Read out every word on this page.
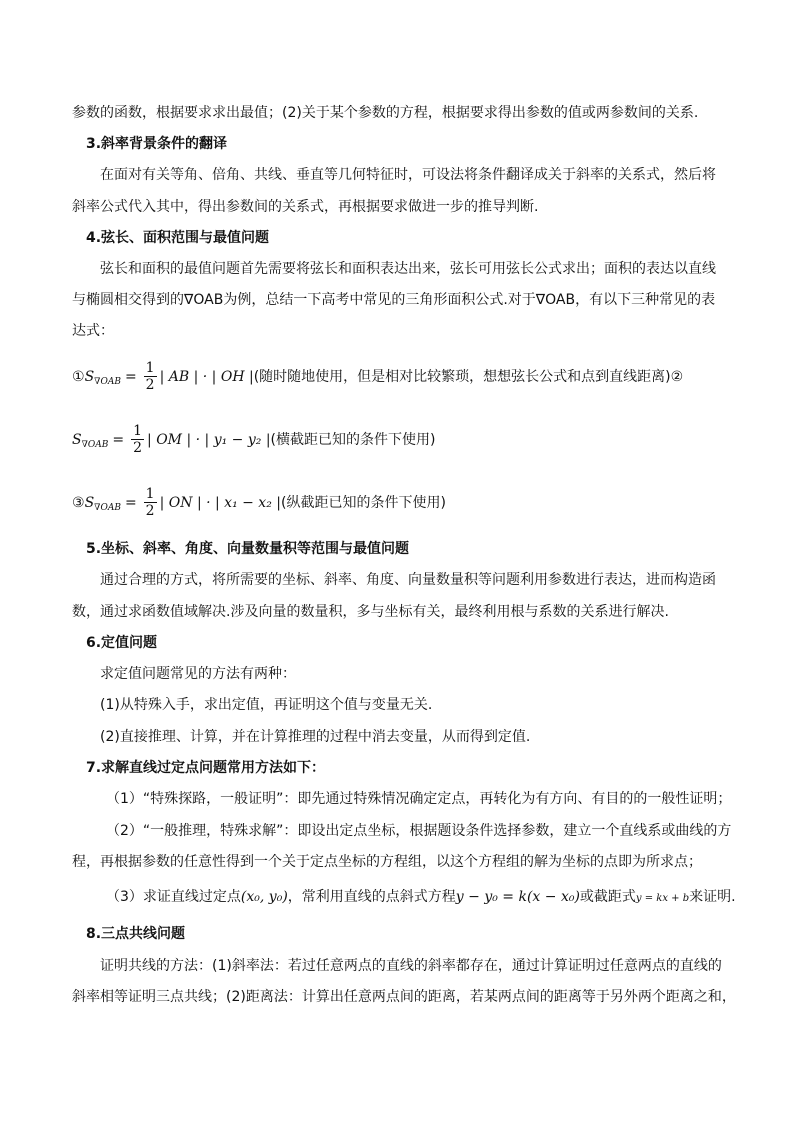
参数的函数，根据要求求出最值；(2)关于某个参数的方程，根据要求得出参数的值或两参数间的关系.
3.斜率背景条件的翻译
在面对有关等角、倍角、共线、垂直等几何特征时，可设法将条件翻译成关于斜率的关系式，然后将
斜率公式代入其中，得出参数间的关系式，再根据要求做进一步的推导判断.
4.弦长、面积范围与最值问题
弦长和面积的最值问题首先需要将弦长和面积表达出来，弦长可用弦长公式求出；面积的表达以直线
与椭圆相交得到的∇OAB为例，总结一下高考中常见的三角形面积公式.对于∇OAB，有以下三种常见的表
达式：
① S $\nabla OAB = \frac{1}{2}$ | AB | · | OH | (随时随地使用，但是相对比较繁琐，想想弦长公式和点到直线距离)②
S $\nabla OAB = \frac{1}{2}$ | OM | · | y₁ − y₂ | (横截距已知的条件下使用)
③ S $\nabla OAB = \frac{1}{2}$ | ON | · | x₁ − x₂ | (纵截距已知的条件下使用)
5.坐标、斜率、角度、向量数量积等范围与最值问题
通过合理的方式，将所需要的坐标、斜率、角度、向量数量积等问题利用参数进行表达，进而构造函
数，通过求函数值域解决.涉及向量的数量积，多与坐标有关，最终利用根与系数的关系进行解决.
6.定值问题
求定值问题常见的方法有两种：
(1)从特殊入手，求出定值，再证明这个值与变量无关.
(2)直接推理、计算，并在计算推理的过程中消去变量，从而得到定值.
7.求解直线过定点问题常用方法如下：
（1）“特殊探路，一般证明”：即先通过特殊情况确定定点，再转化为有方向、有目的的一般性证明；
（2）“一般推理，特殊求解”：即设出定点坐标，根据题设条件选择参数，建立一个直线系或曲线的方
程，再根据参数的任意性得到一个关于定点坐标的方程组，以这个方程组的解为坐标的点即为所求点；
（3）求证直线过定点(x₀, y₀)，常利用直线的点斜式方程y − y₀ = k(x − x₀)或截距式y = kx + b来证明.
8.三点共线问题
证明共线的方法：(1)斜率法：若过任意两点的直线的斜率都存在，通过计算证明过任意两点的直线的
斜率相等证明三点共线；(2)距离法：计算出任意两点间的距离，若某两点间的距离等于另外两个距离之和，
